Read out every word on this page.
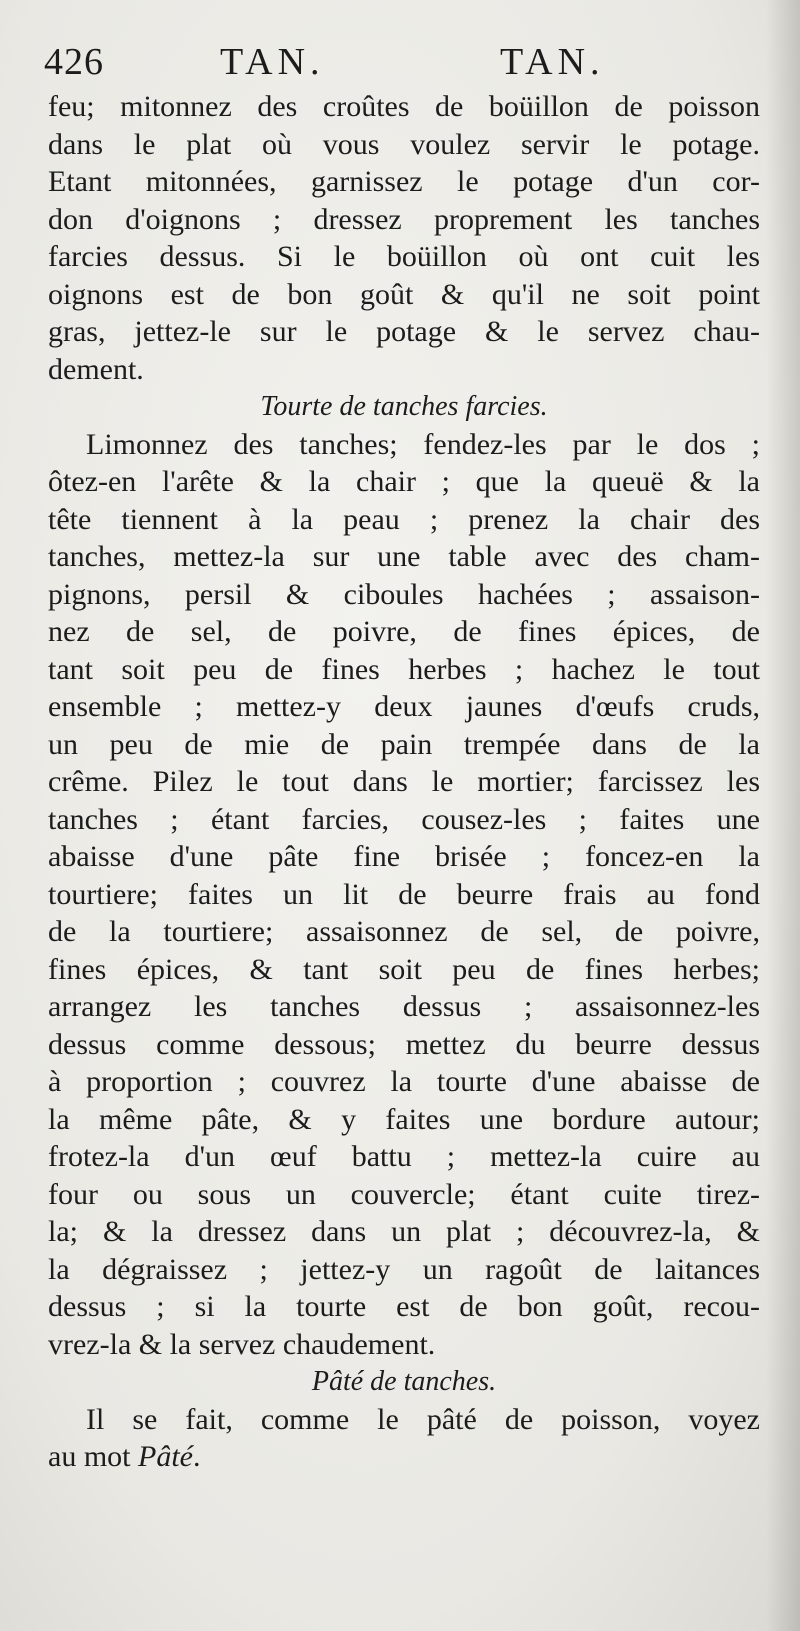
426	TAN.	TAN.
feu; mitonnez des croûtes de boüillon de poisson
dans le plat où vous voulez servir le potage.
Etant mitonnées, garnissez le potage d'un cor-
don d'oignons ; dressez proprement les tanches
farcies dessus. Si le boüillon où ont cuit les
oignons est de bon goût & qu'il ne soit point
gras, jettez-le sur le potage & le servez chau-
dement.
Tourte de tanches farcies.
Limonnez des tanches; fendez-les par le dos ;
ôtez-en l'arête & la chair ; que la queuë & la
tête tiennent à la peau ; prenez la chair des
tanches, mettez-la sur une table avec des cham-
pignons, persil & ciboules hachées ; assaison-
nez de sel, de poivre, de fines épices, de
tant soit peu de fines herbes ; hachez le tout
ensemble ; mettez-y deux jaunes d'œufs cruds,
un peu de mie de pain trempée dans de la
crême. Pilez le tout dans le mortier; farcissez les
tanches ; étant farcies, cousez-les ; faites une
abaisse d'une pâte fine brisée ; foncez-en la
tourtiere; faites un lit de beurre frais au fond
de la tourtiere; assaisonnez de sel, de poivre,
fines épices, & tant soit peu de fines herbes;
arrangez les tanches dessus ; assaisonnez-les
dessus comme dessous; mettez du beurre dessus
à proportion ; couvrez la tourte d'une abaisse de
la même pâte, & y faites une bordure autour;
frotez-la d'un œuf battu ; mettez-la cuire au
four ou sous un couvercle; étant cuite tirez-
la; & la dressez dans un plat ; découvrez-la, &
la dégraissez ; jettez-y un ragoût de laitances
dessus ; si la tourte est de bon goût, recou-
vrez-la & la servez chaudement.
Pâté de tanches.
Il se fait, comme le pâté de poisson, voyez
au mot Pâté.
